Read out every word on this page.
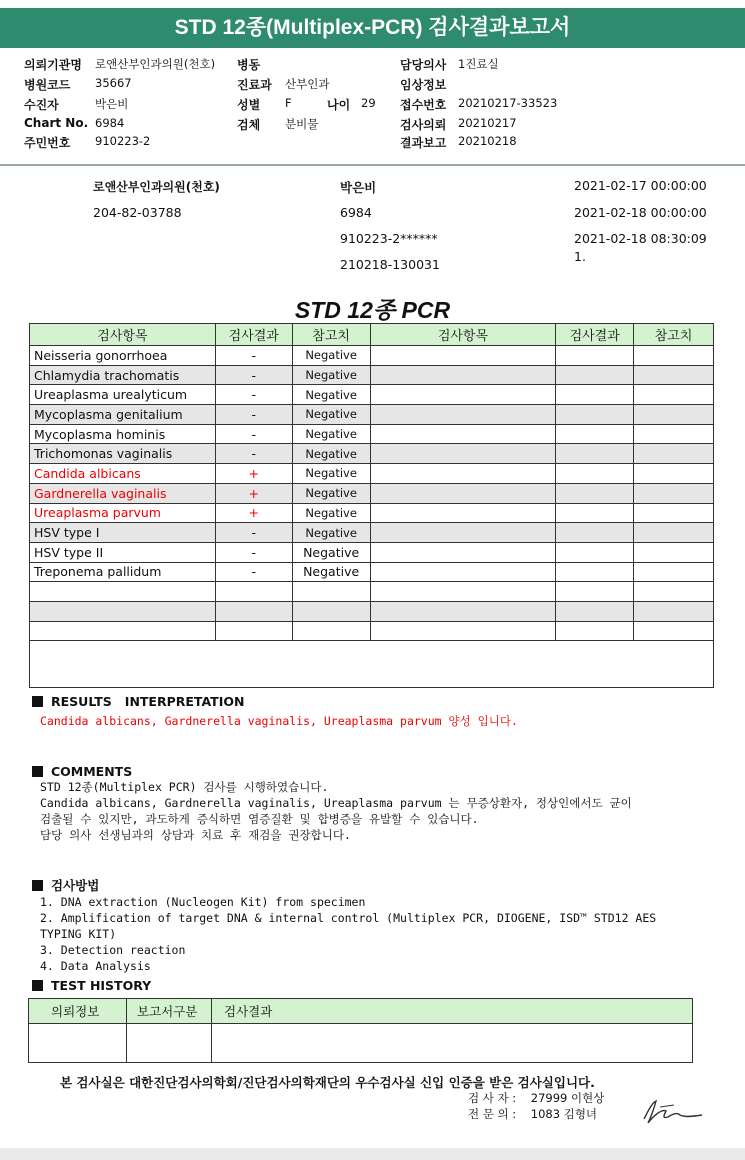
STD 12종(Multiplex-PCR) 검사결과보고서
의뢰기관명 로앤산부인과의원(천호) 병동	담당의사 1진료실
병원코드 35667	진료과 산부인과	임상정보
수진자	박은비	성별 F	나이 29 접수번호 20210217-33523
Chart No. 6984	검체 분비물	검사의뢰 20210217
주민번호 910223-2	결과보고 20210218
로앤산부인과의원(천호)
204-82-03788
박은비
6984
910223-2******
210218-130031
2021-02-17 00:00:00
2021-02-18 00:00:00
2021-02-18 08:30:09
1.
STD 12종 PCR
검사항목	검사결과	참고치	검사항목	검사결과	참고치
Neisseria gonorrhoea	-	Negative			
Chlamydia trachomatis	-	Negative			
Ureaplasma urealyticum	-	Negative			
Mycoplasma genitalium	-	Negative			
Mycoplasma hominis	-	Negative			
Trichomonas vaginalis	-	Negative			
Candida albicans	+	Negative			
Gardnerella vaginalis	+	Negative			
Ureaplasma parvum	+	Negative			
HSV type I	-	Negative			
HSV type II	-	Negative			
Treponema pallidum	-	Negative			

RESULTS   INTERPRETATION
Candida albicans, Gardnerella vaginalis, Ureaplasma parvum 양성 입니다.
COMMENTS
STD 12종(Multiplex PCR) 검사를 시행하였습니다.
Candida albicans, Gardnerella vaginalis, Ureaplasma parvum 는 무증상환자, 정상인에서도 균이
검출될 수 있지만, 과도하게 증식하면 염증질환 및 합병증을 유발할 수 있습니다.
담당 의사 선생님과의 상담과 치료 후 재검을 권장합니다.
검사방법
1. DNA extraction (Nucleogen Kit) from specimen
2. Amplification of target DNA & internal control (Multiplex PCR, DIOGENE, ISD™ STD12 AES
TYPING KIT)
3. Detection reaction
4. Data Analysis
TEST HISTORY
의뢰정보	보고서구분	검사결과

본 검사실은 대한진단검사의학회/진단검사의학재단의 우수검사실 신입 인증을 받은 검사실입니다.
검 사 자 :    27999 이현상
전 문 의 :    1083 김형녀
